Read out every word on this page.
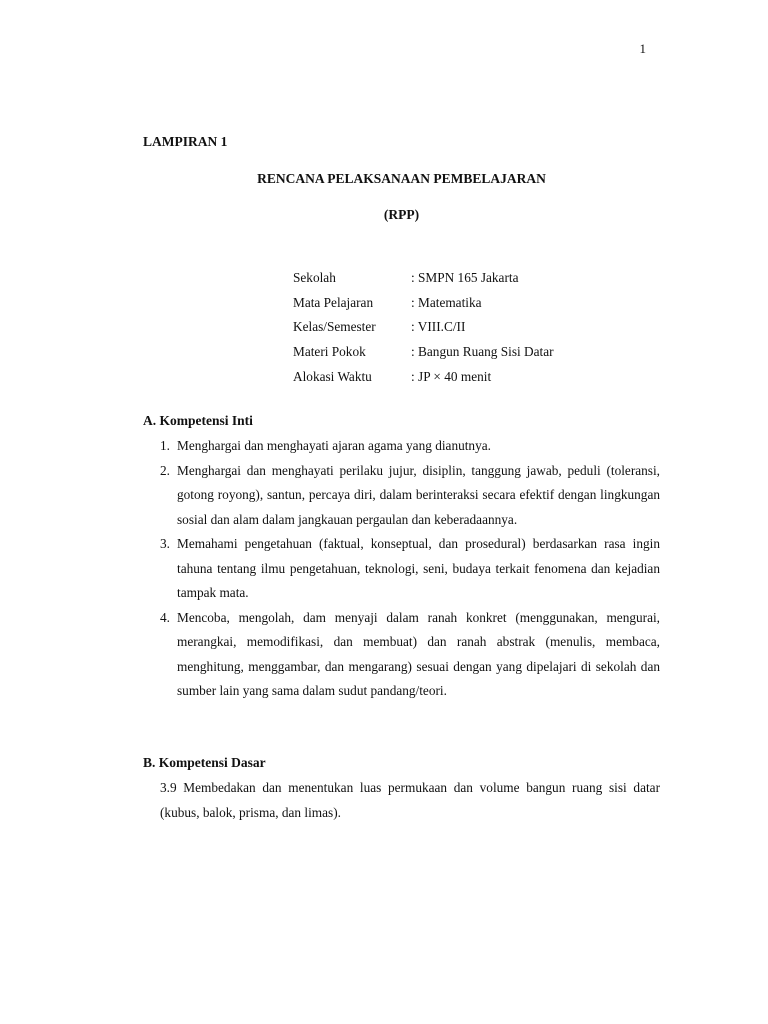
1
LAMPIRAN 1
RENCANA PELAKSANAAN PEMBELAJARAN
(RPP)
Sekolah	: SMPN 165 Jakarta
Mata Pelajaran	: Matematika
Kelas/Semester	: VIII.C/II
Materi Pokok	: Bangun Ruang Sisi Datar
Alokasi Waktu	: JP × 40 menit
A. Kompetensi Inti
1. Menghargai dan menghayati ajaran agama yang dianutnya.
2. Menghargai dan menghayati perilaku jujur, disiplin, tanggung jawab, peduli (toleransi, gotong royong), santun, percaya diri, dalam berinteraksi secara efektif dengan lingkungan sosial dan alam dalam jangkauan pergaulan dan keberadaannya.
3. Memahami pengetahuan (faktual, konseptual, dan prosedural) berdasarkan rasa ingin tahuna tentang ilmu pengetahuan, teknologi, seni, budaya terkait fenomena dan kejadian tampak mata.
4. Mencoba, mengolah, dam menyaji dalam ranah konkret (menggunakan, mengurai, merangkai, memodifikasi, dan membuat) dan ranah abstrak (menulis, membaca, menghitung, menggambar, dan mengarang) sesuai dengan yang dipelajari di sekolah dan sumber lain yang sama dalam sudut pandang/teori.
B. Kompetensi Dasar
3.9 Membedakan dan menentukan luas permukaan dan volume bangun ruang sisi datar (kubus, balok, prisma, dan limas).
